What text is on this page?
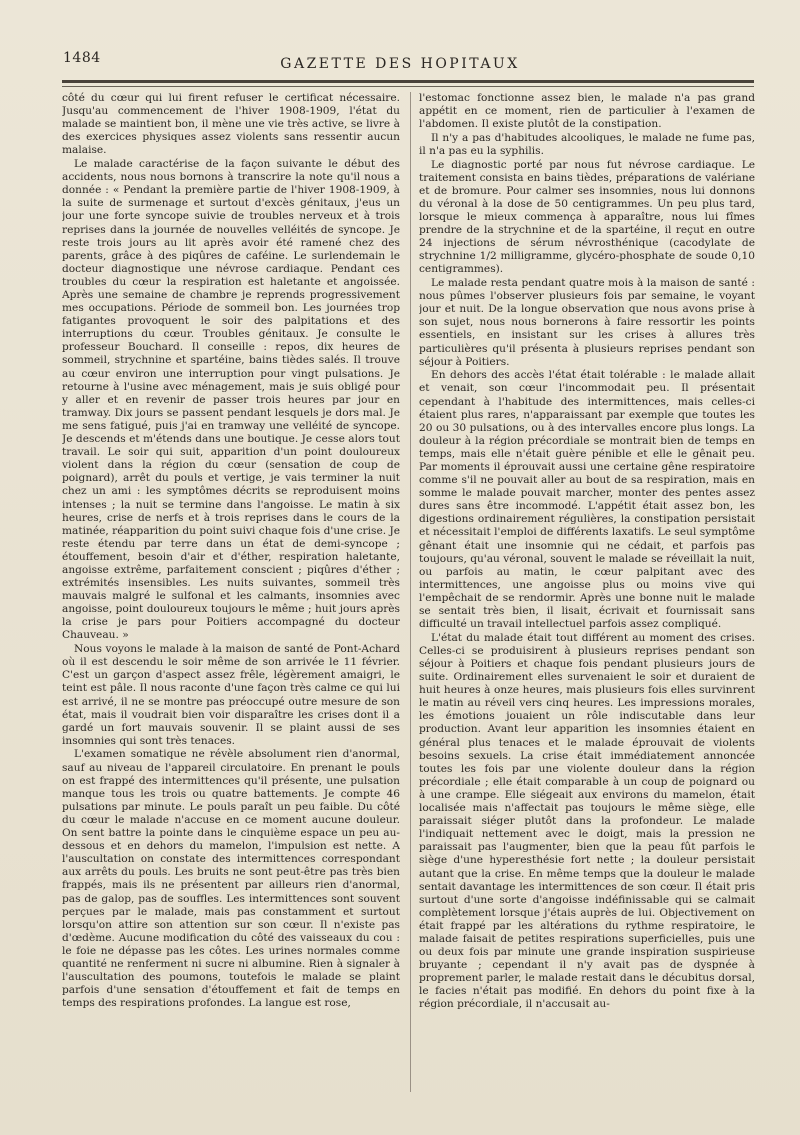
1484	GAZETTE DES HOPITAUX

côté du cœur qui lui firent refuser le certificat nécessaire. Jusqu'au commencement de l'hiver 1908-1909, l'état du malade se maintient bon, il mène une vie très active, se livre à des exercices physiques assez violents sans ressentir aucun malaise.

Le malade caractérise de la façon suivante le début des accidents, nous nous bornons à transcrire la note qu'il nous a donnée : « Pendant la première partie de l'hiver 1908-1909, à la suite de surmenage et surtout d'excès génitaux, j'eus un jour une forte syncope suivie de troubles nerveux et à trois reprises dans la journée de nouvelles velléités de syncope. Je reste trois jours au lit après avoir été ramené chez des parents, grâce à des piqûres de caféine. Le surlendemain le docteur diagnostique une névrose cardiaque. Pendant ces troubles du cœur la respiration est haletante et angoissée. Après une semaine de chambre je reprends progressivement mes occupations. Période de sommeil bon. Les journées trop fatigantes provoquent le soir des palpitations et des interruptions du cœur. Troubles génitaux. Je consulte le professeur Bouchard. Il conseille : repos, dix heures de sommeil, strychnine et spartéine, bains tièdes salés. Il trouve au cœur environ une interruption pour vingt pulsations. Je retourne à l'usine avec ménagement, mais je suis obligé pour y aller et en revenir de passer trois heures par jour en tramway. Dix jours se passent pendant lesquels je dors mal. Je me sens fatigué, puis j'ai en tramway une velléité de syncope. Je descends et m'étends dans une boutique. Je cesse alors tout travail. Le soir qui suit, apparition d'un point douloureux violent dans la région du cœur (sensation de coup de poignard), arrêt du pouls et vertige, je vais terminer la nuit chez un ami : les symptômes décrits se reproduisent moins intenses ; la nuit se termine dans l'angoisse. Le matin à six heures, crise de nerfs et à trois reprises dans le cours de la matinée, réapparition du point suivi chaque fois d'une crise. Je reste étendu par terre dans un état de demi-syncope ; étouffement, besoin d'air et d'éther, respiration haletante, angoisse extrême, parfaitement conscient ; piqûres d'éther ; extrémités insensibles. Les nuits suivantes, sommeil très mauvais malgré le sulfonal et les calmants, insomnies avec angoisse, point douloureux toujours le même ; huit jours après la crise je pars pour Poitiers accompagné du docteur Chauveau. »

Nous voyons le malade à la maison de santé de Pont-Achard où il est descendu le soir même de son arrivée le 11 février. C'est un garçon d'aspect assez frêle, légèrement amaigri, le teint est pâle. Il nous raconte d'une façon très calme ce qui lui est arrivé, il ne se montre pas préoccupé outre mesure de son état, mais il voudrait bien voir disparaître les crises dont il a gardé un fort mauvais souvenir. Il se plaint aussi de ses insomnies qui sont très tenaces.

L'examen somatique ne révèle absolument rien d'anormal, sauf au niveau de l'appareil circulatoire. En prenant le pouls on est frappé des intermittences qu'il présente, une pulsation manque tous les trois ou quatre battements. Je compte 46 pulsations par minute. Le pouls paraît un peu faible. Du côté du cœur le malade n'accuse en ce moment aucune douleur. On sent battre la pointe dans le cinquième espace un peu au-dessous et en dehors du mamelon, l'impulsion est nette. A l'auscultation on constate des intermittences correspondant aux arrêts du pouls. Les bruits ne sont peut-être pas très bien frappés, mais ils ne présentent par ailleurs rien d'anormal, pas de galop, pas de souffles. Les intermittences sont souvent perçues par le malade, mais pas constamment et surtout lorsqu'on attire son attention sur son cœur. Il n'existe pas d'œdème. Aucune modification du côté des vaisseaux du cou : le foie ne dépasse pas les côtes. Les urines normales comme quantité ne renferment ni sucre ni albumine. Rien à signaler à l'auscultation des poumons, toutefois le malade se plaint parfois d'une sensation d'étouffement et fait de temps en temps des respirations profondes. La langue est rose,

l'estomac fonctionne assez bien, le malade n'a pas grand appétit en ce moment, rien de particulier à l'examen de l'abdomen. Il existe plutôt de la constipation.

Il n'y a pas d'habitudes alcooliques, le malade ne fume pas, il n'a pas eu la syphilis.

Le diagnostic porté par nous fut névrose cardiaque. Le traitement consista en bains tièdes, préparations de valériane et de bromure. Pour calmer ses insomnies, nous lui donnons du véronal à la dose de 50 centigrammes. Un peu plus tard, lorsque le mieux commença à apparaître, nous lui fîmes prendre de la strychnine et de la spartéine, il reçut en outre 24 injections de sérum névrosthénique (cacodylate de strychnine 1/2 milligramme, glycéro-phosphate de soude 0,10 centigrammes).

Le malade resta pendant quatre mois à la maison de santé : nous pûmes l'observer plusieurs fois par semaine, le voyant jour et nuit. De la longue observation que nous avons prise à son sujet, nous nous bornerons à faire ressortir les points essentiels, en insistant sur les crises à allures très particulières qu'il présenta à plusieurs reprises pendant son séjour à Poitiers.

En dehors des accès l'état était tolérable : le malade allait et venait, son cœur l'incommodait peu. Il présentait cependant à l'habitude des intermittences, mais celles-ci étaient plus rares, n'apparaissant par exemple que toutes les 20 ou 30 pulsations, ou à des intervalles encore plus longs. La douleur à la région précordiale se montrait bien de temps en temps, mais elle n'était guère pénible et elle le gênait peu. Par moments il éprouvait aussi une certaine gêne respiratoire comme s'il ne pouvait aller au bout de sa respiration, mais en somme le malade pouvait marcher, monter des pentes assez dures sans être incommodé. L'appétit était assez bon, les digestions ordinairement régulières, la constipation persistait et nécessitait l'emploi de différents laxatifs. Le seul symptôme gênant était une insomnie qui ne cédait, et parfois pas toujours, qu'au véronal, souvent le malade se réveillait la nuit, ou parfois au matin, le cœur palpitant avec des intermittences, une angoisse plus ou moins vive qui l'empêchait de se rendormir. Après une bonne nuit le malade se sentait très bien, il lisait, écrivait et fournissait sans difficulté un travail intellectuel parfois assez compliqué.

L'état du malade était tout différent au moment des crises. Celles-ci se produisirent à plusieurs reprises pendant son séjour à Poitiers et chaque fois pendant plusieurs jours de suite. Ordinairement elles survenaient le soir et duraient de huit heures à onze heures, mais plusieurs fois elles survinrent le matin au réveil vers cinq heures. Les impressions morales, les émotions jouaient un rôle indiscutable dans leur production. Avant leur apparition les insomnies étaient en général plus tenaces et le malade éprouvait de violents besoins sexuels. La crise était immédiatement annoncée toutes les fois par une violente douleur dans la région précordiale ; elle était comparable à un coup de poignard ou à une crampe. Elle siégeait aux environs du mamelon, était localisée mais n'affectait pas toujours le même siège, elle paraissait siéger plutôt dans la profondeur. Le malade l'indiquait nettement avec le doigt, mais la pression ne paraissait pas l'augmenter, bien que la peau fût parfois le siège d'une hyperesthésie fort nette ; la douleur persistait autant que la crise. En même temps que la douleur le malade sentait davantage les intermittences de son cœur. Il était pris surtout d'une sorte d'angoisse indéfinissable qui se calmait complètement lorsque j'étais auprès de lui. Objectivement on était frappé par les altérations du rythme respiratoire, le malade faisait de petites respirations superficielles, puis une ou deux fois par minute une grande inspiration suspirieuse bruyante ; cependant il n'y avait pas de dyspnée à proprement parler, le malade restait dans le décubitus dorsal, le facies n'était pas modifié. En dehors du point fixe à la région précordiale, il n'accusait au-
